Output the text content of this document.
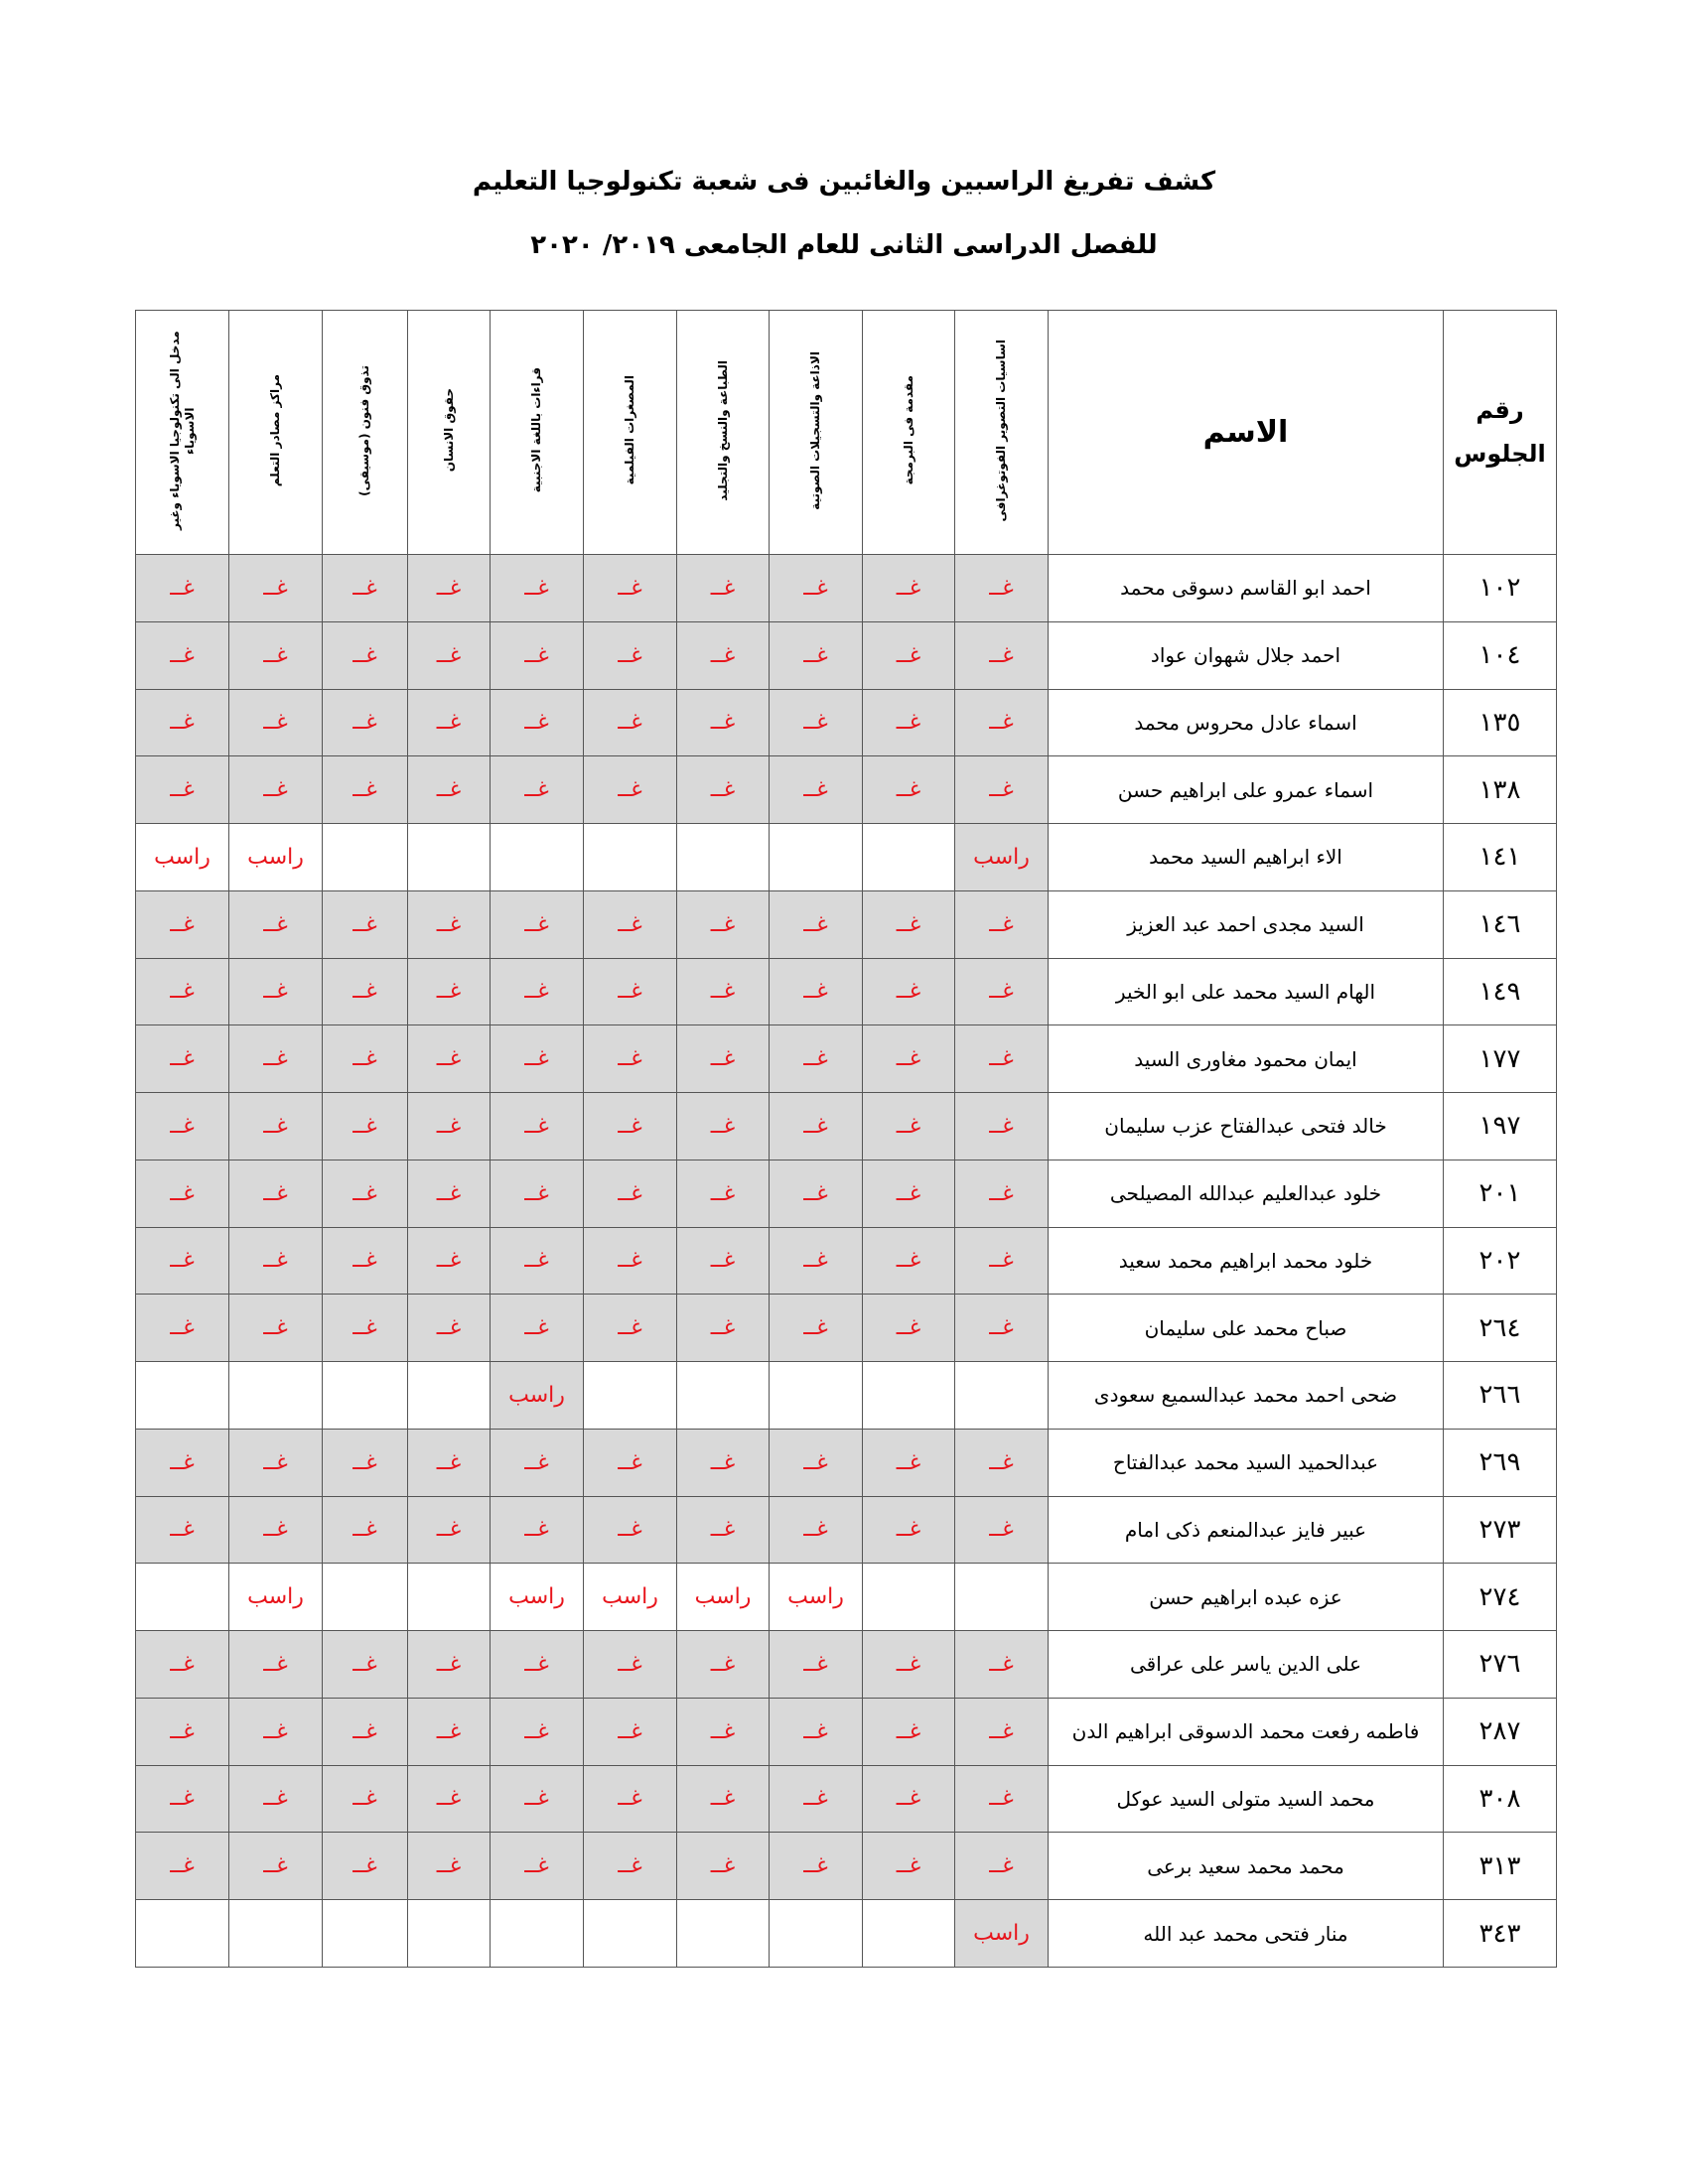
كشف تفريغ الراسبين والغائبين فى شعبة تكنولوجيا التعليم
للفصل الدراسى الثانى للعام الجامعى ٢٠١٩/ ٢٠٢٠
رقم الجلوس	الاسم	اساسيات التصوير الفوتوغرافى	مقدمة فى البرمجة	الاذاعة والتسجيلات الصوتية	الطباعة والنسخ والتجليد	المصغرات الفيلمية	قراءات باللغة الاجنبية	حقوق الانسان	تذوق فنون (موسيقى)	مراكز مصادر التعلم	مدخل الى تكنولوجيا الاسوياء وغير الاسوياء
١٠٢	احمد ابو القاسم دسوقى محمد	غــ	غــ	غــ	غــ	غــ	غــ	غــ	غــ	غــ	غــ
١٠٤	احمد جلال شهوان عواد	غــ	غــ	غــ	غــ	غــ	غــ	غــ	غــ	غــ	غــ
١٣٥	اسماء عادل محروس محمد	غــ	غــ	غــ	غــ	غــ	غــ	غــ	غــ	غــ	غــ
١٣٨	اسماء عمرو على ابراهيم حسن	غــ	غــ	غــ	غــ	غــ	غــ	غــ	غــ	غــ	غــ
١٤١	الاء ابراهيم السيد محمد	راسب								راسب	راسب
١٤٦	السيد مجدى احمد عبد العزيز	غــ	غــ	غــ	غــ	غــ	غــ	غــ	غــ	غــ	غــ
١٤٩	الهام السيد محمد على ابو الخير	غــ	غــ	غــ	غــ	غــ	غــ	غــ	غــ	غــ	غــ
١٧٧	ايمان محمود مغاورى السيد	غــ	غــ	غــ	غــ	غــ	غــ	غــ	غــ	غــ	غــ
١٩٧	خالد فتحى عبدالفتاح عزب سليمان	غــ	غــ	غــ	غــ	غــ	غــ	غــ	غــ	غــ	غــ
٢٠١	خلود عبدالعليم عبدالله المصيلحى	غــ	غــ	غــ	غــ	غــ	غــ	غــ	غــ	غــ	غــ
٢٠٢	خلود محمد ابراهيم محمد سعيد	غــ	غــ	غــ	غــ	غــ	غــ	غــ	غــ	غــ	غــ
٢٦٤	صباح محمد على سليمان	غــ	غــ	غــ	غــ	غــ	غــ	غــ	غــ	غــ	غــ
٢٦٦	ضحى احمد محمد عبدالسميع سعودى						راسب				
٢٦٩	عبدالحميد السيد محمد عبدالفتاح	غــ	غــ	غــ	غــ	غــ	غــ	غــ	غــ	غــ	غــ
٢٧٣	عبير فايز عبدالمنعم ذكى امام	غــ	غــ	غــ	غــ	غــ	غــ	غــ	غــ	غــ	غــ
٢٧٤	عزه عبده ابراهيم حسن			راسب	راسب	راسب	راسب			راسب	
٢٧٦	على الدين ياسر على عراقى	غــ	غــ	غــ	غــ	غــ	غــ	غــ	غــ	غــ	غــ
٢٨٧	فاطمه رفعت محمد الدسوقى ابراهيم الدن	غــ	غــ	غــ	غــ	غــ	غــ	غــ	غــ	غــ	غــ
٣٠٨	محمد السيد متولى السيد عوكل	غــ	غــ	غــ	غــ	غــ	غــ	غــ	غــ	غــ	غــ
٣١٣	محمد محمد سعيد برعى	غــ	غــ	غــ	غــ	غــ	غــ	غــ	غــ	غــ	غــ
٣٤٣	منار فتحى محمد عبد الله	راسب									
